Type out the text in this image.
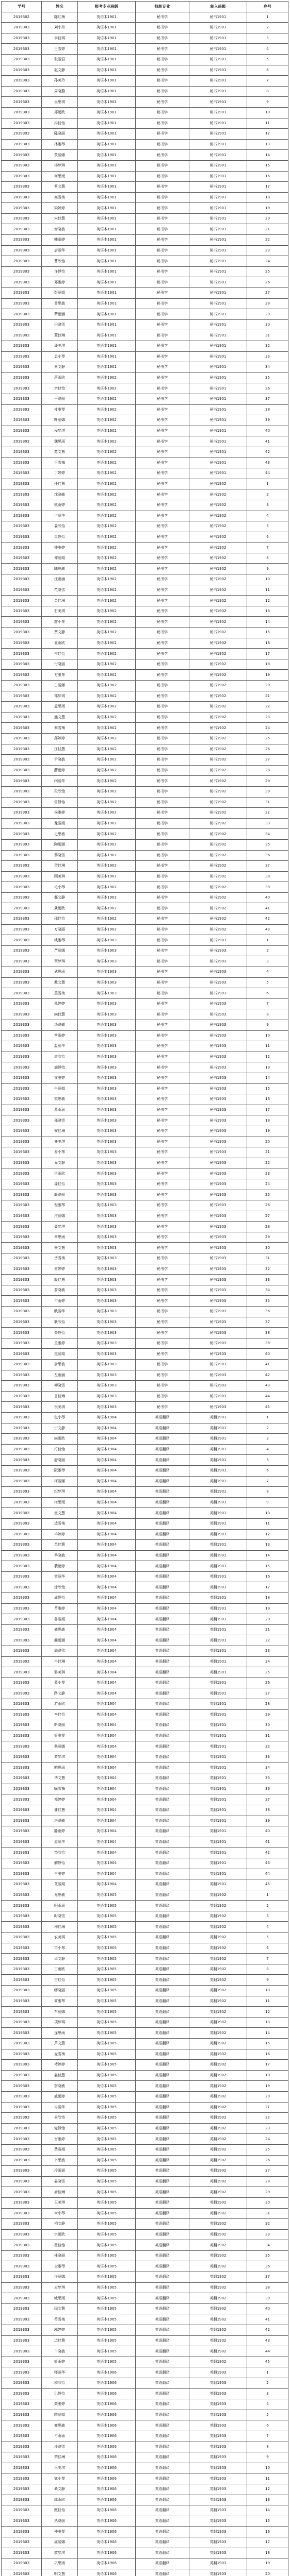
学号	姓名	报考专业班级	拟转专业	转入班级	序号
2019302	陈红梅	英语本1901	秘书学	秘书1901	1
2019303	刘小月	英语本1901	秘书学	秘书1901	2
2019303	李佳琪	英语本1901	秘书学	秘书1901	3
2019303	王雪婷	英语本1901	秘书学	秘书1901	4
2019303	张丽君	英语本1901	秘书学	秘书1901	5
2019303	赵文静	英语本1901	秘书学	秘书1901	6
2019303	孙美玲	英语本1901	秘书学	秘书1901	7
2019303	周晓燕	英语本1901	秘书学	秘书1901	8
2019303	吴思琪	英语本1901	秘书学	秘书1901	9
2019303	郑雨欣	英语本1901	秘书学	秘书1901	10
2019303	冯佳怡	英语本1901	秘书学	秘书1901	11
2019303	陈晓丽	英语本1901	秘书学	秘书1901	12
2019303	林雅琴	英语本1901	秘书学	秘书1901	13
2019303	黄丽娜	英语本1901	秘书学	秘书1901	14
2019303	杨梦琪	英语本1901	秘书学	秘书1901	15
2019303	何思雨	英语本1901	秘书学	秘书1901	16
2019303	罗文慧	英语本1901	秘书学	秘书1901	17
2019303	高雪梅	英语本1901	秘书学	秘书1901	18
2019303	梁婷婷	英语本1901	秘书学	秘书1901	19
2019303	宋佳慧	英语本1901	秘书学	秘书1901	20
2019303	谢晓敏	英语本1901	秘书学	秘书1901	21
2019303	韩雨婷	英语本1901	秘书学	秘书1901	22
2019303	唐丽华	英语本1901	秘书学	秘书1901	23
2019303	曹欣怡	英语本1901	秘书学	秘书1901	24
2019303	许静怡	英语本1901	秘书学	秘书1901	25
2019303	邓雅婷	英语本1901	秘书学	秘书1901	26
2019303	彭丽娟	英语本1901	秘书学	秘书1901	27
2019303	曾思敏	英语本1901	秘书学	秘书1901	28
2019303	萧雨涵	英语本1901	秘书学	秘书1901	29
2019303	田晓雪	英语本1901	秘书学	秘书1901	30
2019303	董佳琳	英语本1901	秘书学	秘书1901	31
2019303	潘美琪	英语本1901	秘书学	秘书1901	32
2019303	袁小琴	英语本1901	秘书学	秘书1901	33
2019303	蔡文静	英语本1901	秘书学	秘书1901	34
2019303	蒋雨欣	英语本1902	秘书学	秘书1901	35
2019303	余佳怡	英语本1902	秘书学	秘书1901	36
2019303	于晓丽	英语本1902	秘书学	秘书1901	37
2019303	杜雅琴	英语本1902	秘书学	秘书1901	38
2019303	叶丽娜	英语本1902	秘书学	秘书1901	39
2019303	程梦琪	英语本1902	秘书学	秘书1901	40
2019303	魏思雨	英语本1902	秘书学	秘书1901	41
2019303	苏文慧	英语本1902	秘书学	秘书1901	42
2019303	吕雪梅	英语本1902	秘书学	秘书1901	43
2019303	丁婷婷	英语本1902	秘书学	秘书1901	44
2019303	任佳慧	英语本1902	秘书学	秘书1902	1
2019303	沈晓敏	英语本1902	秘书学	秘书1902	2
2019303	姚雨婷	英语本1902	秘书学	秘书1902	3
2019303	卢丽华	英语本1902	秘书学	秘书1902	4
2019303	姜欣怡	英语本1902	秘书学	秘书1902	5
2019303	崔静怡	英语本1902	秘书学	秘书1902	6
2019303	钟雅婷	英语本1902	秘书学	秘书1902	7
2019303	谭丽娟	英语本1902	秘书学	秘书1902	8
2019303	陆思敏	英语本1902	秘书学	秘书1902	9
2019303	汪雨涵	英语本1902	秘书学	秘书1902	10
2019303	范晓雪	英语本1902	秘书学	秘书1902	11
2019303	金佳琳	英语本1902	秘书学	秘书1902	12
2019303	石美琪	英语本1902	秘书学	秘书1902	13
2019303	廖小琴	英语本1902	秘书学	秘书1902	14
2019303	贾文静	英语本1902	秘书学	秘书1902	15
2019303	夏雨欣	英语本1902	秘书学	秘书1902	16
2019303	韦佳怡	英语本1902	秘书学	秘书1902	17
2019303	付晓丽	英语本1902	秘书学	秘书1902	18
2019303	方雅琴	英语本1902	秘书学	秘书1902	19
2019303	白丽娜	英语本1902	秘书学	秘书1902	20
2019303	邹梦琪	英语本1902	秘书学	秘书1902	21
2019303	孟思雨	英语本1902	秘书学	秘书1902	22
2019303	熊文慧	英语本1902	秘书学	秘书1902	23
2019303	秦雪梅	英语本1902	秘书学	秘书1902	24
2019303	邱婷婷	英语本1902	秘书学	秘书1902	25
2019303	江佳慧	英语本1902	秘书学	秘书1902	26
2019303	尹晓敏	英语本1902	秘书学	秘书1902	27
2019303	薛雨婷	英语本1902	秘书学	秘书1902	28
2019303	闫丽华	英语本1902	秘书学	秘书1902	29
2019303	段欣怡	英语本1902	秘书学	秘书1902	30
2019303	雷静怡	英语本1902	秘书学	秘书1902	31
2019303	侯雅婷	英语本1902	秘书学	秘书1902	32
2019303	龙丽娟	英语本1902	秘书学	秘书1902	33
2019303	史思敏	英语本1902	秘书学	秘书1902	34
2019303	陶雨涵	英语本1902	秘书学	秘书1902	35
2019303	黎晓雪	英语本1902	秘书学	秘书1902	36
2019303	贺佳琳	英语本1902	秘书学	秘书1902	37
2019303	顾美琪	英语本1902	秘书学	秘书1902	38
2019303	毛小琴	英语本1902	秘书学	秘书1902	39
2019303	郝文静	英语本1902	秘书学	秘书1902	40
2019303	龚雨欣	英语本1902	秘书学	秘书1902	41
2019303	邵佳怡	英语本1902	秘书学	秘书1902	42
2019303	万晓丽	英语本1902	秘书学	秘书1902	43
2019303	钱雅琴	英语本1903	秘书学	秘书1903	1
2019303	严丽娜	英语本1903	秘书学	秘书1903	2
2019303	覃梦琪	英语本1903	秘书学	秘书1903	3
2019303	武思雨	英语本1903	秘书学	秘书1903	4
2019303	戴文慧	英语本1903	秘书学	秘书1903	5
2019303	莫雪梅	英语本1903	秘书学	秘书1903	6
2019303	孔婷婷	英语本1903	秘书学	秘书1903	7
2019303	向佳慧	英语本1903	秘书学	秘书1903	8
2019303	汤晓敏	英语本1903	秘书学	秘书1903	9
2019303	常雨婷	英语本1903	秘书学	秘书1903	10
2019303	温丽华	英语本1903	秘书学	秘书1903	11
2019303	康欣怡	英语本1903	秘书学	秘书1903	12
2019303	施静怡	英语本1903	秘书学	秘书1903	13
2019303	文雅婷	英语本1903	秘书学	秘书1903	14
2019303	牛丽娟	英语本1903	秘书学	秘书1903	15
2019303	樊思敏	英语本1903	秘书学	秘书1903	16
2019303	葛雨涵	英语本1903	秘书学	秘书1903	17
2019303	邢晓雪	英语本1903	秘书学	秘书1903	18
2019303	安佳琳	英语本1903	秘书学	秘书1903	19
2019303	齐美琪	英语本1903	秘书学	秘书1903	20
2019303	易小琴	英语本1903	秘书学	秘书1903	21
2019303	乔文静	英语本1903	秘书学	秘书1903	22
2019303	伍雨欣	英语本1903	秘书学	秘书1903	23
2019303	庞佳怡	英语本1903	秘书学	秘书1903	24
2019303	颜晓丽	英语本1903	秘书学	秘书1903	25
2019303	倪雅琴	英语本1903	秘书学	秘书1903	26
2019303	庄丽娜	英语本1903	秘书学	秘书1903	27
2019303	聂梦琪	英语本1903	秘书学	秘书1903	28
2019303	章思雨	英语本1903	秘书学	秘书1903	29
2019303	鲁文慧	英语本1903	秘书学	秘书1903	30
2019303	岳雪梅	英语本1903	秘书学	秘书1903	31
2019303	翟婷婷	英语本1903	秘书学	秘书1903	32
2019303	殷佳慧	英语本1903	秘书学	秘书1903	33
2019303	詹晓敏	英语本1903	秘书学	秘书1903	34
2019303	申雨婷	英语本1903	秘书学	秘书1903	35
2019303	欧丽华	英语本1903	秘书学	秘书1903	36
2019303	耿欣怡	英语本1903	秘书学	秘书1903	37
2019303	关静怡	英语本1903	秘书学	秘书1903	38
2019303	兰雅婷	英语本1903	秘书学	秘书1903	39
2019303	焦丽娟	英语本1903	秘书学	秘书1903	40
2019303	俞思敏	英语本1903	秘书学	秘书1903	41
2019303	左雨涵	英语本1903	秘书学	秘书1903	42
2019303	柳晓雪	英语本1903	秘书学	秘书1903	43
2019303	甘佳琳	英语本1903	秘书学	秘书1903	44
2019303	祝美琪	英语本1903	秘书学	秘书1903	45
2019303	包小琴	英语本1904	英语翻译	英翻1901	1
2019303	宁文静	英语本1904	英语翻译	英翻1901	2
2019303	尚雨欣	英语本1904	英语翻译	英翻1901	3
2019303	符佳怡	英语本1904	英语翻译	英翻1901	4
2019303	舒晓丽	英语本1904	英语翻译	英翻1901	5
2019303	阮雅琴	英语本1904	英语翻译	英翻1901	6
2019303	柯丽娜	英语本1904	英语翻译	英翻1901	7
2019303	纪梦琪	英语本1904	英语翻译	英翻1901	8
2019303	梅思雨	英语本1904	英语翻译	英翻1901	9
2019303	童文慧	英语本1904	英语翻译	英翻1901	10
2019303	凌雪梅	英语本1904	英语翻译	英翻1901	11
2019303	毕婷婷	英语本1904	英语翻译	英翻1901	12
2019303	单佳慧	英语本1904	英语翻译	英翻1901	13
2019303	季晓敏	英语本1904	英语翻译	英翻1901	14
2019303	裴雨婷	英语本1904	英语翻译	英翻1901	15
2019303	霍丽华	英语本1904	英语翻译	英翻1901	16
2019303	涂欣怡	英语本1904	英语翻译	英翻1901	17
2019303	成静怡	英语本1904	英语翻译	英翻1901	18
2019303	苗雅婷	英语本1904	英语翻译	英翻1901	19
2019303	谷丽娟	英语本1904	英语翻译	英翻1901	20
2019303	盛思敏	英语本1904	英语翻译	英翻1901	21
2019303	曲雨涵	英语本1904	英语翻译	英翻1901	22
2019303	翁晓雪	英语本1904	英语翻译	英翻1901	23
2019303	冉佳琳	英语本1904	英语翻译	英翻1901	24
2019303	骆美琪	英语本1904	英语翻译	英翻1901	25
2019303	蓝小琴	英语本1904	英语翻译	英翻1901	26
2019303	路文静	英语本1904	英语翻译	英翻1901	27
2019303	游雨欣	英语本1904	英语翻译	英翻1901	28
2019303	辛佳怡	英语本1904	英语翻译	英翻1901	29
2019303	靳晓丽	英语本1904	英语翻译	英翻1901	30
2019303	管雅琴	英语本1904	英语翻译	英翻1901	31
2019303	柴丽娜	英语本1904	英语翻译	英翻1901	32
2019303	蒙梦琪	英语本1904	英语翻译	英翻1901	33
2019303	鲍思雨	英语本1904	英语翻译	英翻1901	34
2019303	华文慧	英语本1904	英语翻译	英翻1901	35
2019303	喻雪梅	英语本1904	英语翻译	英翻1901	36
2019303	祁婷婷	英语本1904	英语翻译	英翻1901	37
2019303	蒲佳慧	英语本1904	英语翻译	英翻1901	38
2019303	房晓敏	英语本1904	英语翻译	英翻1901	39
2019303	滕雨婷	英语本1904	英语翻译	英翻1901	40
2019303	屈丽华	英语本1904	英语翻译	英翻1901	41
2019303	饶欣怡	英语本1904	英语翻译	英翻1901	42
2019303	解静怡	英语本1904	英语翻译	英翻1901	43
2019303	牟雅婷	英语本1904	英语翻译	英翻1901	44
2019303	艾丽娟	英语本1904	英语翻译	英翻1901	45
2019303	尤思敏	英语本1905	英语翻译	英翻1902	1
2019303	阳雨涵	英语本1905	英语翻译	英翻1902	2
2019303	时晓雪	英语本1905	英语翻译	英翻1902	3
2019303	穆佳琳	英语本1905	英语翻译	英翻1902	4
2019303	农美琪	英语本1905	英语翻译	英翻1902	5
2019303	司小琴	英语本1905	英语翻译	英翻1902	6
2019303	卓文静	英语本1905	英语翻译	英翻1902	7
2019303	古雨欣	英语本1905	英语翻译	英翻1902	8
2019303	吉佳怡	英语本1905	英语翻译	英翻1902	9
2019303	缪晓丽	英语本1905	英语翻译	英翻1902	10
2019303	简雅琴	英语本1905	英语翻译	英翻1902	11
2019303	车丽娜	英语本1905	英语翻译	英翻1902	12
2019303	项梦琪	英语本1905	英语翻译	英翻1902	13
2019303	连思雨	英语本1905	英语翻译	英翻1902	14
2019303	芦文慧	英语本1905	英语翻译	英翻1902	15
2019303	麦雪梅	英语本1905	英语翻译	英翻1902	16
2019303	褚婷婷	英语本1905	英语翻译	英翻1902	17
2019303	娄佳慧	英语本1905	英语翻译	英翻1902	18
2019303	窦晓敏	英语本1905	英语翻译	英翻1902	19
2019303	戚雨婷	英语本1905	英语翻译	英翻1902	20
2019303	岑丽华	英语本1905	英语翻译	英翻1902	21
2019303	景欣怡	英语本1905	英语翻译	英翻1902	22
2019303	党静怡	英语本1905	英语翻译	英翻1902	23
2019303	宫雅婷	英语本1905	英语翻译	英翻1902	24
2019303	费丽娟	英语本1905	英语翻译	英翻1902	25
2019303	卜思敏	英语本1905	英语翻译	英翻1902	26
2019303	冷雨涵	英语本1905	英语翻译	英翻1902	27
2019303	晏晓雪	英语本1905	英语翻译	英翻1902	28
2019303	席佳琳	英语本1905	英语翻译	英翻1902	29
2019303	卫美琪	英语本1905	英语翻译	英翻1902	30
2019303	米小琴	英语本1905	英语翻译	英翻1902	31
2019303	柏文静	英语本1905	英语翻译	英翻1902	32
2019303	宗雨欣	英语本1905	英语翻译	英翻1902	33
2019303	瞿佳怡	英语本1905	英语翻译	英翻1902	34
2019303	桂晓丽	英语本1905	英语翻译	英翻1902	35
2019303	全雅琴	英语本1905	英语翻译	英翻1902	36
2019303	佟丽娜	英语本1905	英语翻译	英翻1902	37
2019303	应梦琪	英语本1905	英语翻译	英翻1902	38
2019303	臧思雨	英语本1905	英语翻译	英翻1902	39
2019303	闵文慧	英语本1905	英语翻译	英翻1902	40
2019303	苟雪梅	英语本1905	英语翻译	英翻1902	41
2019303	邬婷婷	英语本1905	英语翻译	英翻1902	42
2019303	边佳慧	英语本1905	英语翻译	英翻1902	43
2019303	卞晓敏	英语本1905	英语翻译	英翻1902	44
2019303	姬雨婷	英语本1905	英语翻译	英翻1902	45
2019303	师丽华	英语本1906	英语翻译	英翻1903	1
2019303	和欣怡	英语本1906	英语翻译	英翻1903	2
2019303	仇静怡	英语本1906	英语翻译	英翻1903	3
2019303	栾雅婷	英语本1906	英语翻译	英翻1903	4
2019303	隋丽娟	英语本1906	英语翻译	英翻1903	5
2019303	商思敏	英语本1906	英语翻译	英翻1903	6
2019303	刁雨涵	英语本1906	英语翻译	英翻1903	7
2019303	沙晓雪	英语本1906	英语翻译	英翻1903	8
2019303	荣佳琳	英语本1906	英语翻译	英翻1903	9
2019303	巫美琪	英语本1906	英语翻译	英翻1903	10
2019303	寇小琴	英语本1906	英语翻译	英翻1903	11
2019303	桑文静	英语本1906	英语翻译	英翻1903	12
2019303	郎雨欣	英语本1906	英语翻译	英翻1903	13
2019303	甄佳怡	英语本1906	英语翻译	英翻1903	14
2019303	丛晓丽	英语本1906	英语翻译	英翻1903	15
2019303	仲雅琴	英语本1906	英语翻译	英翻1903	16
2019303	虞丽娜	英语本1906	英语翻译	英翻1903	17
2019303	敖梦琪	英语本1906	英语翻译	英翻1903	18
2019303	巩思雨	英语本1906	英语翻译	英翻1903	19
2019303	明文慧	英语本1906	英语翻译	英翻1903	20
